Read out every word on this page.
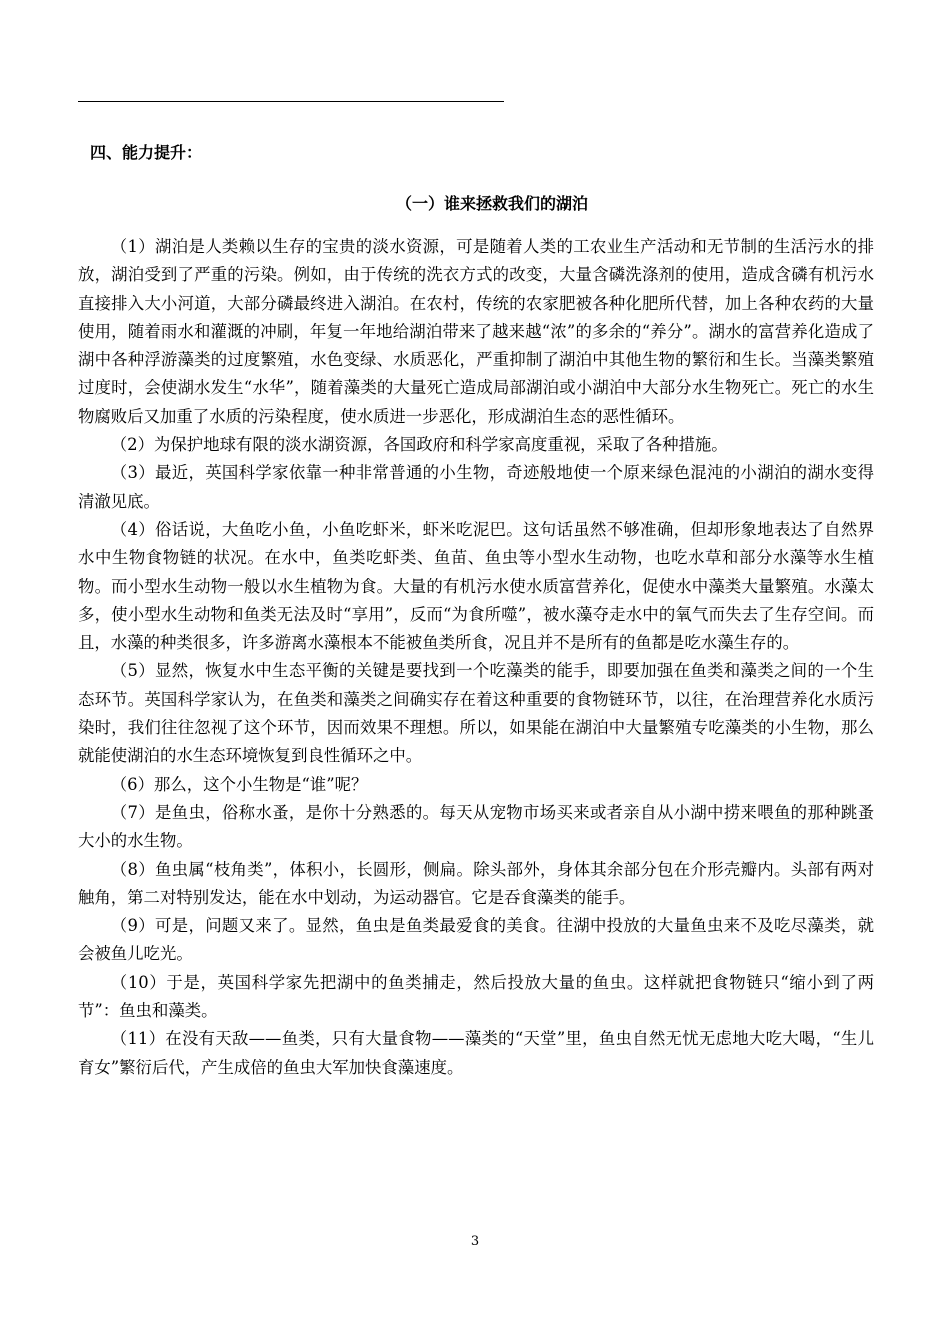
四、能力提升：
（一）谁来拯救我们的湖泊

（1）湖泊是人类赖以生存的宝贵的淡水资源，可是随着人类的工农业生产活动和无节制的生活污水的排放，湖泊受到了严重的污染。例如，由于传统的洗衣方式的改变，大量含磷洗涤剂的使用，造成含磷有机污水直接排入大小河道，大部分磷最终进入湖泊。在农村，传统的农家肥被各种化肥所代替，加上各种农药的大量使用，随着雨水和灌溉的冲刷，年复一年地给湖泊带来了越来越“浓”的多余的“养分”。湖水的富营养化造成了湖中各种浮游藻类的过度繁殖，水色变绿、水质恶化，严重抑制了湖泊中其他生物的繁衍和生长。当藻类繁殖过度时，会使湖水发生“水华”，随着藻类的大量死亡造成局部湖泊或小湖泊中大部分水生物死亡。死亡的水生物腐败后又加重了水质的污染程度，使水质进一步恶化，形成湖泊生态的恶性循环。

（2）为保护地球有限的淡水湖资源，各国政府和科学家高度重视，采取了各种措施。

（3）最近，英国科学家依靠一种非常普通的小生物，奇迹般地使一个原来绿色混沌的小湖泊的湖水变得清澈见底。

（4）俗话说，大鱼吃小鱼，小鱼吃虾米，虾米吃泥巴。这句话虽然不够准确，但却形象地表达了自然界水中生物食物链的状况。在水中，鱼类吃虾类、鱼苗、鱼虫等小型水生动物，也吃水草和部分水藻等水生植物。而小型水生动物一般以水生植物为食。大量的有机污水使水质富营养化，促使水中藻类大量繁殖。水藻太多，使小型水生动物和鱼类无法及时“享用”，反而“为食所噬”，被水藻夺走水中的氧气而失去了生存空间。而且，水藻的种类很多，许多游离水藻根本不能被鱼类所食，况且并不是所有的鱼都是吃水藻生存的。

（5）显然，恢复水中生态平衡的关键是要找到一个吃藻类的能手，即要加强在鱼类和藻类之间的一个生态环节。英国科学家认为，在鱼类和藻类之间确实存在着这种重要的食物链环节，以往，在治理营养化水质污染时，我们往往忽视了这个环节，因而效果不理想。所以，如果能在湖泊中大量繁殖专吃藻类的小生物，那么就能使湖泊的水生态环境恢复到良性循环之中。

（6）那么，这个小生物是“谁”呢？

（7）是鱼虫，俗称水蚤，是你十分熟悉的。每天从宠物市场买来或者亲自从小湖中捞来喂鱼的那种跳蚤大小的水生物。

（8）鱼虫属“枝角类”，体积小，长圆形，侧扁。除头部外，身体其余部分包在介形壳瓣内。头部有两对触角，第二对特别发达，能在水中划动，为运动器官。它是吞食藻类的能手。

（9）可是，问题又来了。显然，鱼虫是鱼类最爱食的美食。往湖中投放的大量鱼虫来不及吃尽藻类，就会被鱼儿吃光。

（10）于是，英国科学家先把湖中的鱼类捕走，然后投放大量的鱼虫。这样就把食物链只“缩小到了两节”：鱼虫和藻类。

（11）在没有天敌——鱼类，只有大量食物——藻类的“天堂”里，鱼虫自然无忧无虑地大吃大喝，“生儿育女”繁衍后代，产生成倍的鱼虫大军加快食藻速度。

3
